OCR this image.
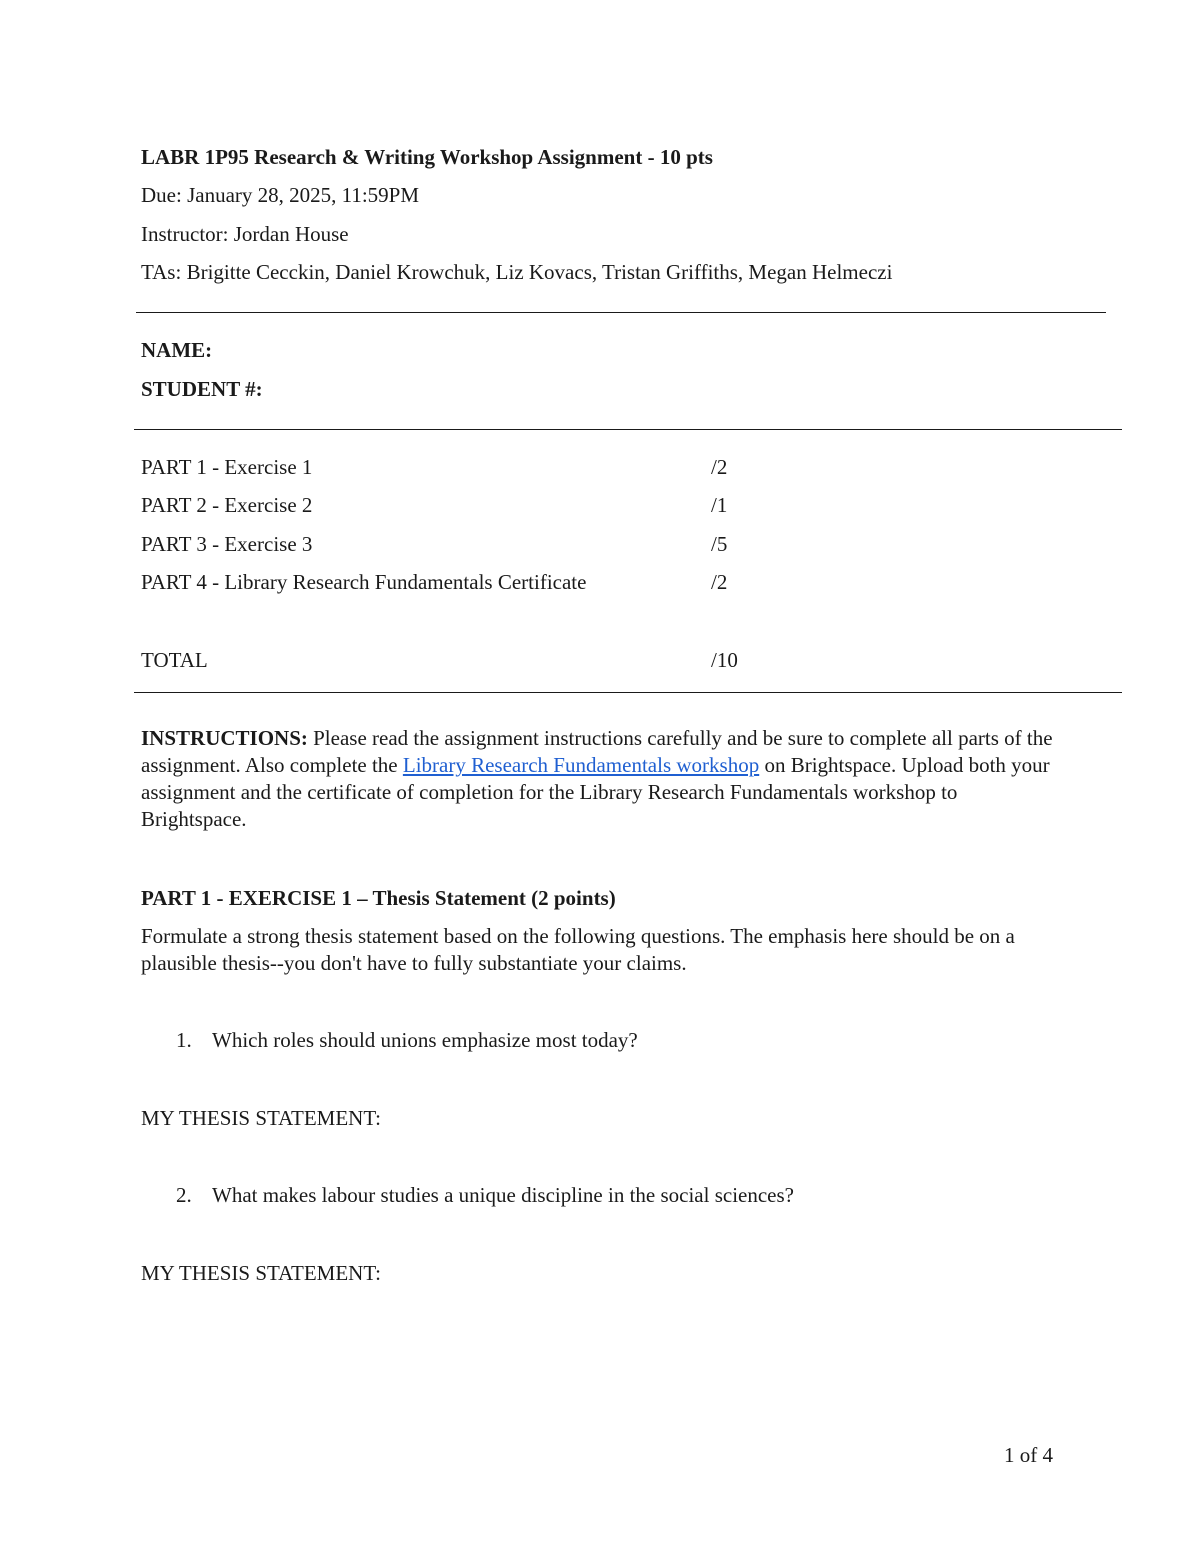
LABR 1P95 Research & Writing Workshop Assignment - 10 pts
Due: January 28, 2025, 11:59PM
Instructor: Jordan House
TAs: Brigitte Cecckin, Daniel Krowchuk, Liz Kovacs, Tristan Griffiths, Megan Helmeczi
NAME:
STUDENT #:
PART 1 - Exercise 1	/2
PART 2 - Exercise 2	/1
PART 3 - Exercise 3	/5
PART 4 - Library Research Fundamentals Certificate	/2
TOTAL	/10
INSTRUCTIONS: Please read the assignment instructions carefully and be sure to complete all parts of the assignment. Also complete the Library Research Fundamentals workshop on Brightspace. Upload both your assignment and the certificate of completion for the Library Research Fundamentals workshop to Brightspace.
PART 1 - EXERCISE 1 – Thesis Statement (2 points)
Formulate a strong thesis statement based on the following questions. The emphasis here should be on a plausible thesis--you don't have to fully substantiate your claims.
1. Which roles should unions emphasize most today?
MY THESIS STATEMENT:
2. What makes labour studies a unique discipline in the social sciences?
MY THESIS STATEMENT:
1 of 4
